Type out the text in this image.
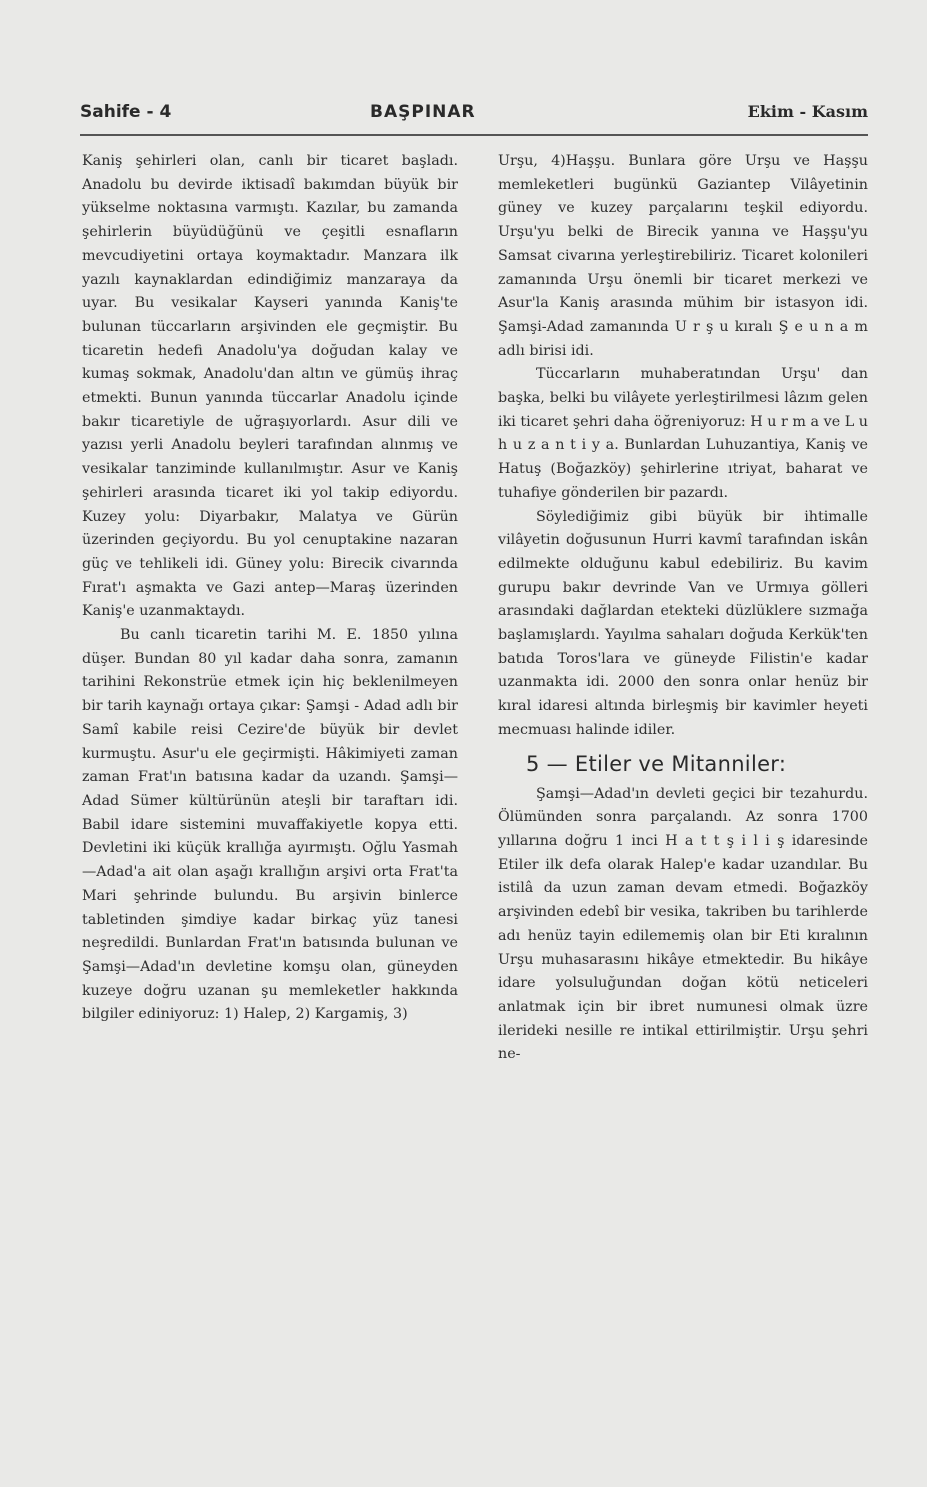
Sahife - 4	BAŞPINAR	Ekim - Kasım

Kaniş şehirleri olan, canlı bir ticaret başladı. Anadolu bu devirde iktisadî bakımdan büyük bir yükselme noktasına varmıştı. Kazılar, bu zamanda şehirlerin büyüdüğünü ve çeşitli esnafların mevcudiyetini ortaya koymaktadır. Manzara ilk yazılı kaynaklardan edindiğimiz manzaraya da uyar. Bu vesikalar Kayseri yanında Kaniş'te bulunan tüccarların arşivinden ele geçmiştir. Bu ticaretin hedefi Anadolu'ya doğudan kalay ve kumaş sokmak, Anadolu'dan altın ve gümüş ihraç etmekti. Bunun yanında tüccarlar Anadolu içinde bakır ticaretiyle de uğraşıyorlardı. Asur dili ve yazısı yerli Anadolu beyleri tarafından alınmış ve vesikalar tanziminde kullanılmıştır. Asur ve Kaniş şehirleri arasında ticaret iki yol takip ediyordu. Kuzey yolu: Diyarbakır, Malatya ve Gürün üzerinden geçiyordu. Bu yol cenuptakine nazaran güç ve tehlikeli idi. Güney yolu: Birecik civarında Fırat'ı aşmakta ve Gazi antep—Maraş üzerinden Kaniş'e uzanmaktaydı.

Bu canlı ticaretin tarihi M. E. 1850 yılına düşer. Bundan 80 yıl kadar daha sonra, zamanın tarihini Rekonstrüe etmek için hiç beklenilmeyen bir tarih kaynağı ortaya çıkar: Şamşi - Adad adlı bir Samî kabile reisi Cezire'de büyük bir devlet kurmuştu. Asur'u ele geçirmişti. Hâkimiyeti zaman zaman Frat'ın batısına kadar da uzandı. Şamşi—Adad Sümer kültürünün ateşli bir taraftarı idi. Babil idare sistemini muvaffakiyetle kopya etti. Devletini iki küçük krallığa ayırmıştı. Oğlu Yasmah—Adad'a ait olan aşağı krallığın arşivi orta Frat'ta Mari şehrinde bulundu. Bu arşivin binlerce tabletinden şimdiye kadar birkaç yüz tanesi neşredildi. Bunlardan Frat'ın batısında bulunan ve Şamşi—Adad'ın devletine komşu olan, güneyden kuzeye doğru uzanan şu memleketler hakkında bilgiler ediniyoruz: 1) Halep, 2) Kargamiş, 3)

Urşu, 4)Haşşu. Bunlara göre Urşu ve Haşşu memleketleri bugünkü Gaziantep Vilâyetinin güney ve kuzey parçalarını teşkil ediyordu. Urşu'yu belki de Birecik yanına ve Haşşu'yu Samsat civarına yerleştirebiliriz. Ticaret kolonileri zamanında Urşu önemli bir ticaret merkezi ve Asur'la Kaniş arasında mühim bir istasyon idi. Şamşi-Adad zamanında U r ş u kıralı Ş e u n a m adlı birisi idi.

Tüccarların muhaberatından Urşu' dan başka, belki bu vilâyete yerleştirilmesi lâzım gelen iki ticaret şehri daha öğreniyoruz: H u r m a ve L u h u z a n t i y a. Bunlardan Luhuzantiya, Kaniş ve Hatuş (Boğazköy) şehirlerine ıtriyat, baharat ve tuhafiye gönderilen bir pazardı.

Söylediğimiz gibi büyük bir ihtimalle vilâyetin doğusunun Hurri kavmî tarafından iskân edilmekte olduğunu kabul edebiliriz. Bu kavim gurupu bakır devrinde Van ve Urmıya gölleri arasındaki dağlardan etekteki düzlüklere sızmağa başlamışlardı. Yayılma sahaları doğuda Kerkük'ten batıda Toros'lara ve güneyde Filistin'e kadar uzanmakta idi. 2000 den sonra onlar henüz bir kıral idaresi altında birleşmiş bir kavimler heyeti mecmuası halinde idiler.

5 — Etiler ve Mitanniler:

Şamşi—Adad'ın devleti geçici bir tezahurdu. Ölümünden sonra parçalandı. Az sonra 1700 yıllarına doğru 1 inci H a t t ş i l i ş idaresinde Etiler ilk defa olarak Halep'e kadar uzandılar. Bu istilâ da uzun zaman devam etmedi. Boğazköy arşivinden edebî bir vesika, takriben bu tarihlerde adı henüz tayin edilememiş olan bir Eti kıralının Urşu muhasarasını hikâye etmektedir. Bu hikâye idare yolsuluğundan doğan kötü neticeleri anlatmak için bir ibret numunesi olmak üzre ilerideki nesille re intikal ettirilmiştir. Urşu şehri ne-
